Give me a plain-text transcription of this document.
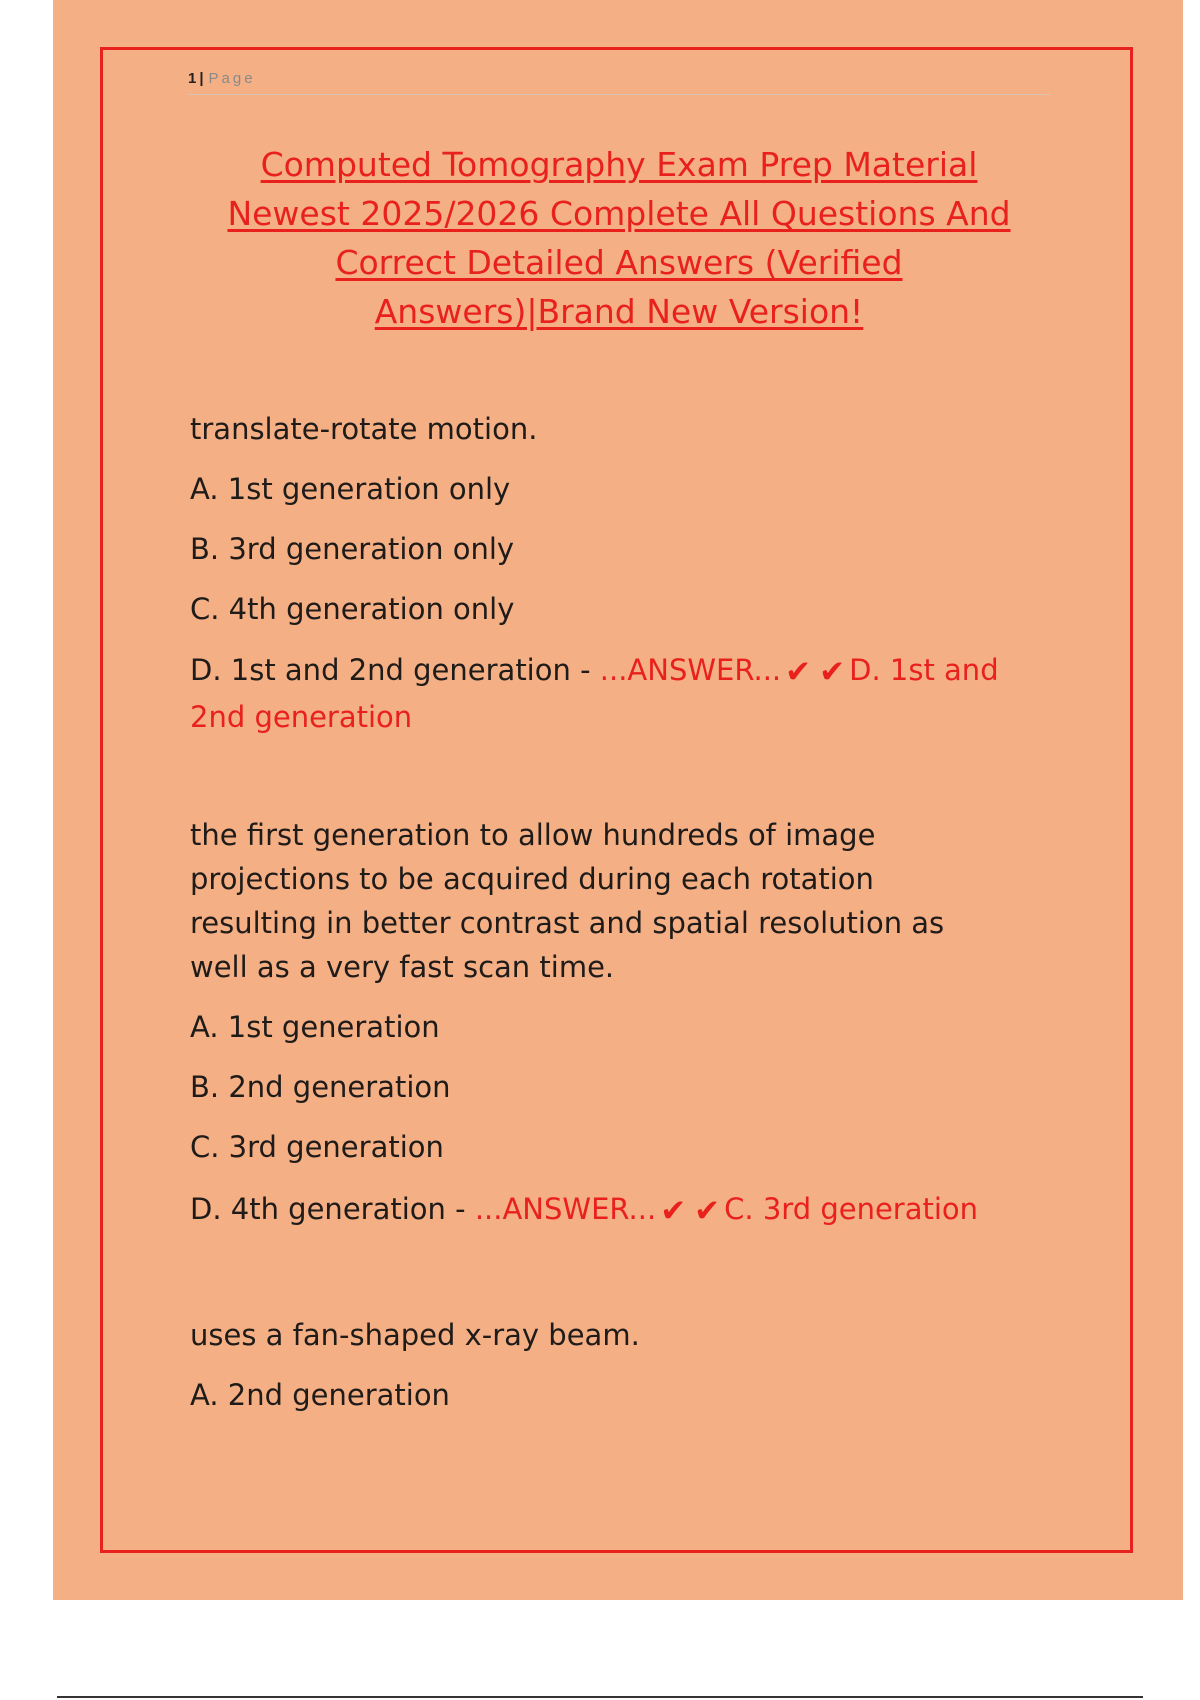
1| Page
Computed Tomography Exam Prep Material
Newest 2025/2026 Complete All Questions And
Correct Detailed Answers (Verified
Answers)|Brand New Version!
translate-rotate motion.
A. 1st generation only
B. 3rd generation only
C. 4th generation only
D. 1st and 2nd generation - ...ANSWER... ✔ ✔ D. 1st and
2nd generation
the first generation to allow hundreds of image
projections to be acquired during each rotation
resulting in better contrast and spatial resolution as
well as a very fast scan time.
A. 1st generation
B. 2nd generation
C. 3rd generation
D. 4th generation - ...ANSWER... ✔ ✔ C. 3rd generation
uses a fan-shaped x-ray beam.
A. 2nd generation
